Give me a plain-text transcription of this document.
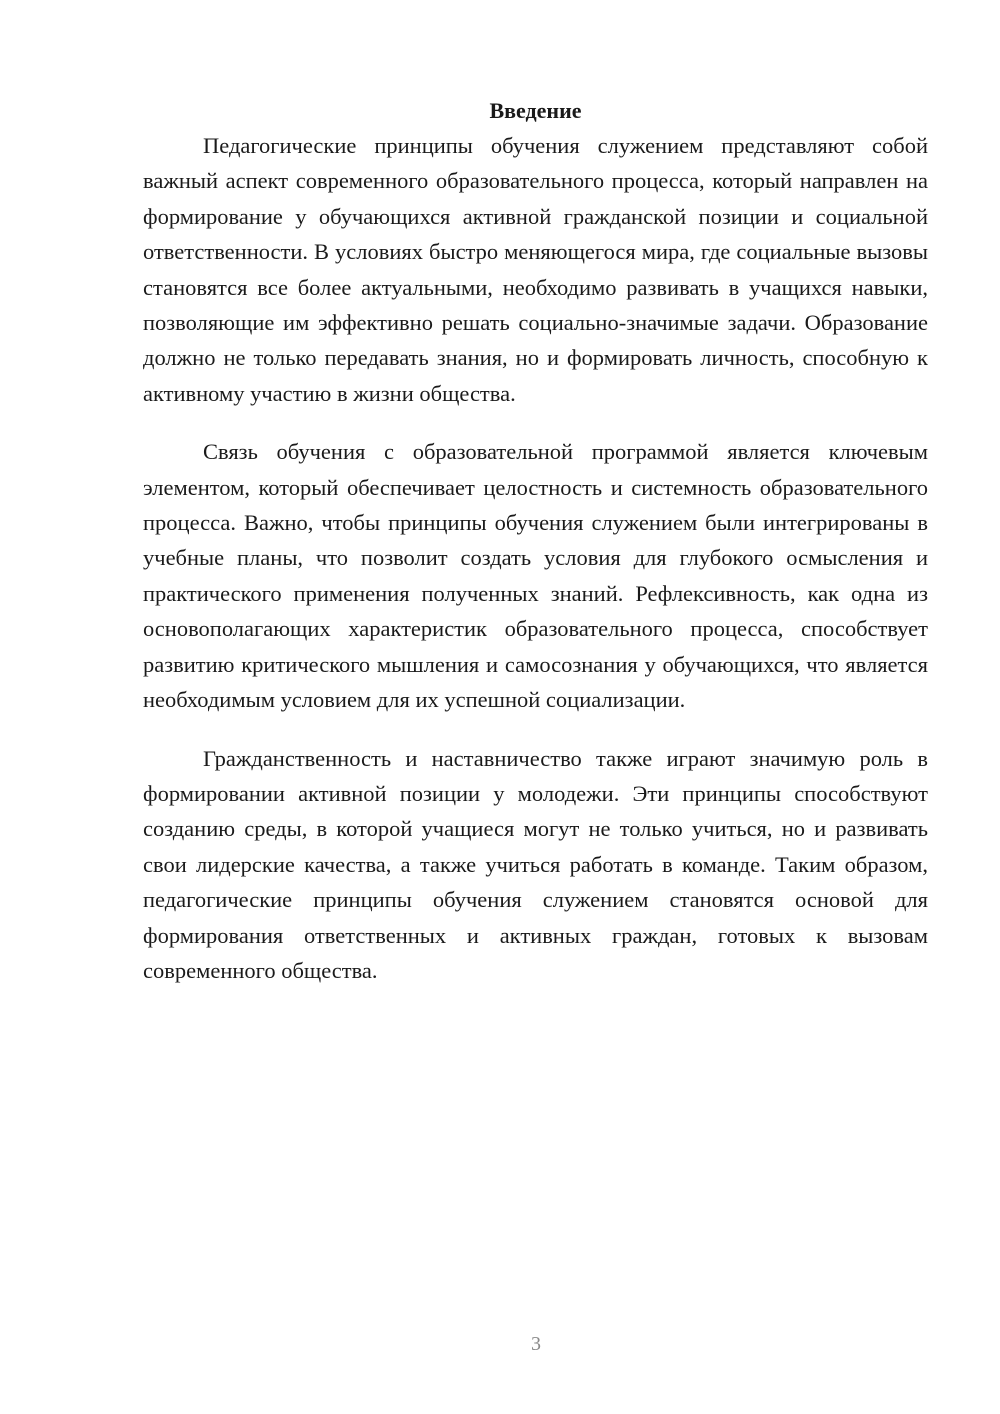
Введение

Педагогические принципы обучения служением представляют собой важный аспект современного образовательного процесса, который направлен на формирование у обучающихся активной гражданской позиции и социальной ответственности. В условиях быстро меняющегося мира, где социальные вызовы становятся все более актуальными, необходимо развивать в учащихся навыки, позволяющие им эффективно решать социально-значимые задачи. Образование должно не только передавать знания, но и формировать личность, способную к активному участию в жизни общества.

Связь обучения с образовательной программой является ключевым элементом, который обеспечивает целостность и системность образовательного процесса. Важно, чтобы принципы обучения служением были интегрированы в учебные планы, что позволит создать условия для глубокого осмысления и практического применения полученных знаний. Рефлексивность, как одна из основополагающих характеристик образовательного процесса, способствует развитию критического мышления и самосознания у обучающихся, что является необходимым условием для их успешной социализации.

Гражданственность и наставничество также играют значимую роль в формировании активной позиции у молодежи. Эти принципы способствуют созданию среды, в которой учащиеся могут не только учиться, но и развивать свои лидерские качества, а также учиться работать в команде. Таким образом, педагогические принципы обучения служением становятся основой для формирования ответственных и активных граждан, готовых к вызовам современного общества.

3
